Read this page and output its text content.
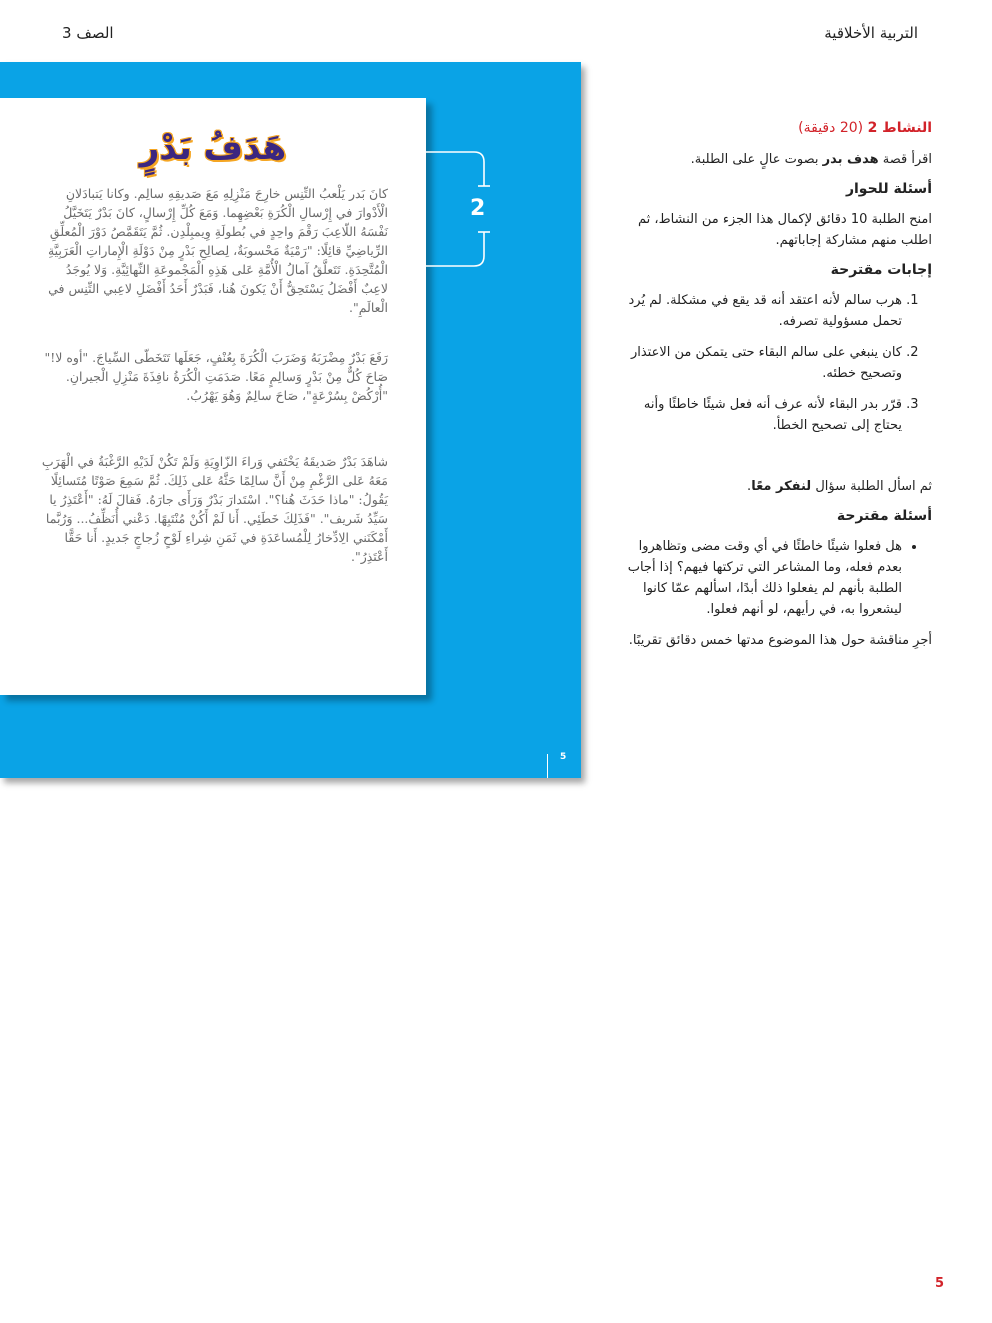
التربية الأخلاقية
الصف 3
هَدَفُ بَدْرٍ

كانَ بَدر يَلْعبُ التِّنِس خارِجَ مَنْزِلِهِ مَعَ صَديقِهِ سالِم. وكانا يَتبادَلانِ الْأَدْوارَ في إِرْسالِ الْكُرَةِ بَعْضِهِما. وَمَعَ كُلِّ إِرْسالٍ، كانَ بَدْرٌ يَتَخَيَّلُ نَفْسَهُ اللّاعِبَ رَقْمَ واحِدٍ في بُطولَةِ وِيمبِلْدِن. ثُمَّ يَتَقَمَّصُ دَوْرَ الْمُعلِّقِ الرِّياضِيِّ قائِلًا: "رَمْيَةٌ مَحْسوبَةٌ، لِصالِحِ بَدْرٍ مِنْ دَوْلَةِ الْإِماراتِ الْعَرَبِيَّةِ الْمُتَّحِدَةِ. تَتَعلَّقُ آمالُ الْأُمَّةِ عَلى هَذِهِ الْمَجْموعَةِ النِّهائِيَّةِ. وَلا يُوجَدُ لاعِبٌ أَفْضَلُ يَسْتَحِقُّ أَنْ يَكونَ هُنا، فَبَدْرٌ أَحَدُ أَفْضَلِ لاعِبي التِّنِس في الْعالَمِ".

رَفَعَ بَدْرٌ مِضْرَبَهُ وَضَرَبَ الْكُرَةَ بِعُنْفٍ، جَعَلَها تَتَخَطّى السِّياجَ. "أوه لا!" صَاحَ كُلٌّ مِنْ بَدْرٍ وَسالِمٍ مَعًا. صَدَمَتِ الْكُرَةُ نافِذَةَ مَنْزِلِ الْجيرانِ. "أُرْكُضْ بِسُرْعَةٍ"، صَاحَ سالِمٌ وَهُوَ يَهْرُبُ.

شاهَدَ بَدْرٌ صَديقَهُ يَخْتَفي وَراءَ الزّاوِيَةِ وَلَمْ تَكُنْ لَدَيْهِ الرَّغْبَةُ في الْهَرَبِ مَعَهُ عَلى الرَّغْمِ مِنْ أَنَّ سالِمًا حَثَّهُ عَلى ذَلِكَ. ثُمَّ سَمِعَ صَوْتًا مُتَسائِلًا يَقُولُ: "ماذا حَدَثَ هُنا؟". اسْتَدارَ بَدْرٌ وَرَأَى جارَهُ. فَقالَ لَهُ: "أَعْتَذِرُ يا سَيِّدُ شَريف". "فَذَلِكَ خَطَئِي. أَنا لَمْ أَكُنْ مُنْتَبِهًا. دَعْني أُنَظِّفُ... وَرُبَّما أَمْكَنَني الِادِّخارُ لِلْمُساعَدَةِ في ثَمَنِ شِراءِ لَوْحٍ زُجاجٍ جَديدٍ. أَنا حَقًّا أَعْتَذِرُ".

2
5
النشاط 2 (20 دقيقة)

اقرأ قصة هدف بدر بصوت عالٍ على الطلبة.

أسئلة للحوار

امنح الطلبة 10 دقائق لإكمال هذا الجزء من النشاط، ثم اطلب منهم مشاركة إجاباتهم.

إجابات مقترحة
1. هرب سالم لأنه اعتقد أنه قد يقع في مشكلة. لم يُرد تحمل مسؤولية تصرفه.
2. كان ينبغي على سالم البقاء حتى يتمكن من الاعتذار وتصحيح خطئه.
3. قرّر بدر البقاء لأنه عرف أنه فعل شيئًا خاطئًا وأنه يحتاج إلى تصحيح الخطأ.

ثم اسأل الطلبة سؤال لنفكر معًا.

أسئلة مقترحة
• هل فعلوا شيئًا خاطئًا في أي وقت مضى وتظاهروا بعدم فعله، وما المشاعر التي تركتها فيهم؟ إذا أجاب الطلبة بأنهم لم يفعلوا ذلك أبدًا، اسألهم عمّا كانوا ليشعروا به، في رأيهم، لو أنهم فعلوا.

أجرِ مناقشة حول هذا الموضوع مدتها خمس دقائق تقريبًا.

5
